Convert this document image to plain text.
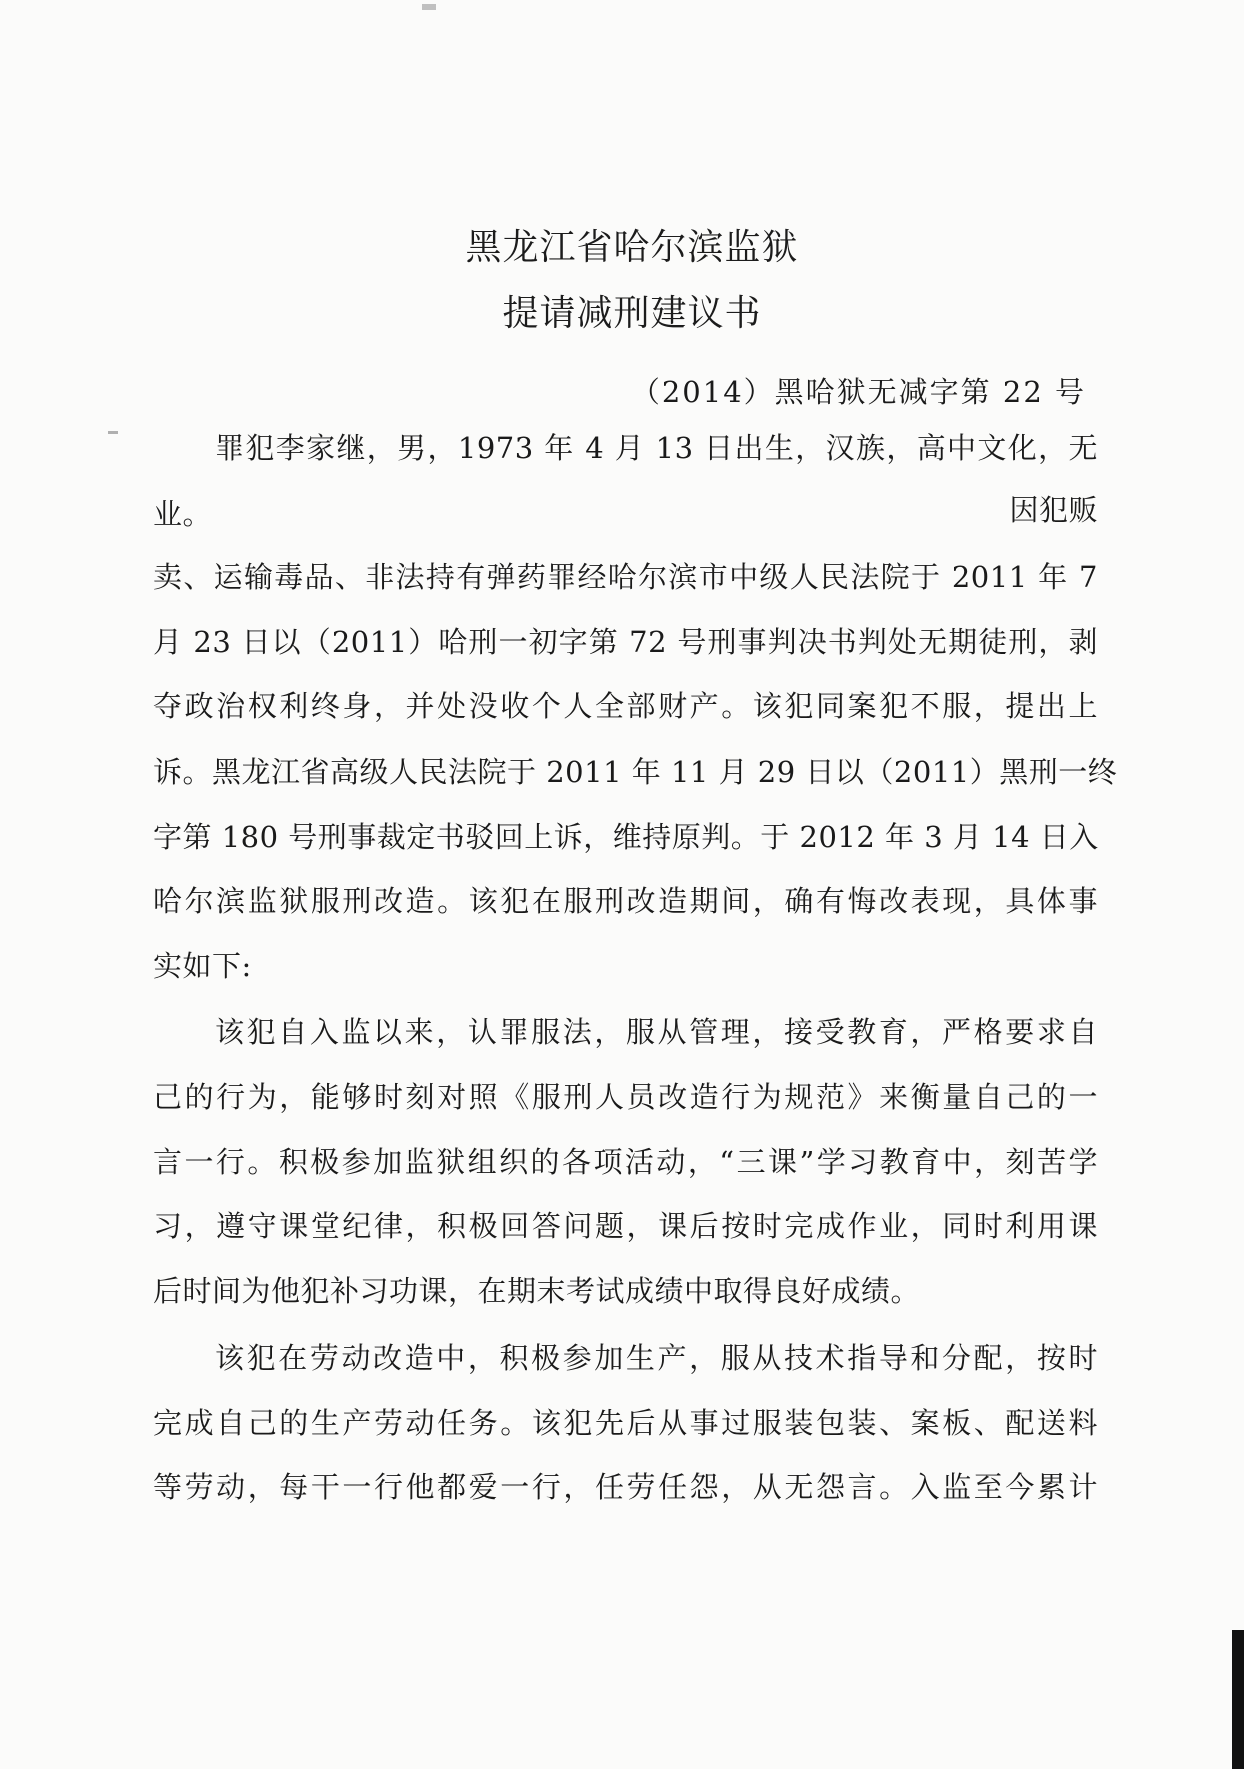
黑龙江省哈尔滨监狱
提请减刑建议书
（2014）黑哈狱无减字第 22 号
罪犯李家继，男，1973 年 4 月 13 日出生，汉族，高中文化，无
业。	因犯贩
卖、运输毒品、非法持有弹药罪经哈尔滨市中级人民法院于 2011 年 7
月 23 日以（2011）哈刑一初字第 72 号刑事判决书判处无期徒刑，剥
夺政治权利终身，并处没收个人全部财产。该犯同案犯不服，提出上
诉。黑龙江省高级人民法院于 2011 年 11 月 29 日以（2011）黑刑一终
字第 180 号刑事裁定书驳回上诉，维持原判。于 2012 年 3 月 14 日入
哈尔滨监狱服刑改造。该犯在服刑改造期间，确有悔改表现，具体事
实如下:
该犯自入监以来，认罪服法，服从管理，接受教育，严格要求自
己的行为，能够时刻对照《服刑人员改造行为规范》来衡量自己的一
言一行。积极参加监狱组织的各项活动，“三课”学习教育中，刻苦学
习，遵守课堂纪律，积极回答问题，课后按时完成作业，同时利用课
后时间为他犯补习功课，在期末考试成绩中取得良好成绩。
该犯在劳动改造中，积极参加生产，服从技术指导和分配，按时
完成自己的生产劳动任务。该犯先后从事过服装包装、案板、配送料
等劳动，每干一行他都爱一行，任劳任怨，从无怨言。入监至今累计
